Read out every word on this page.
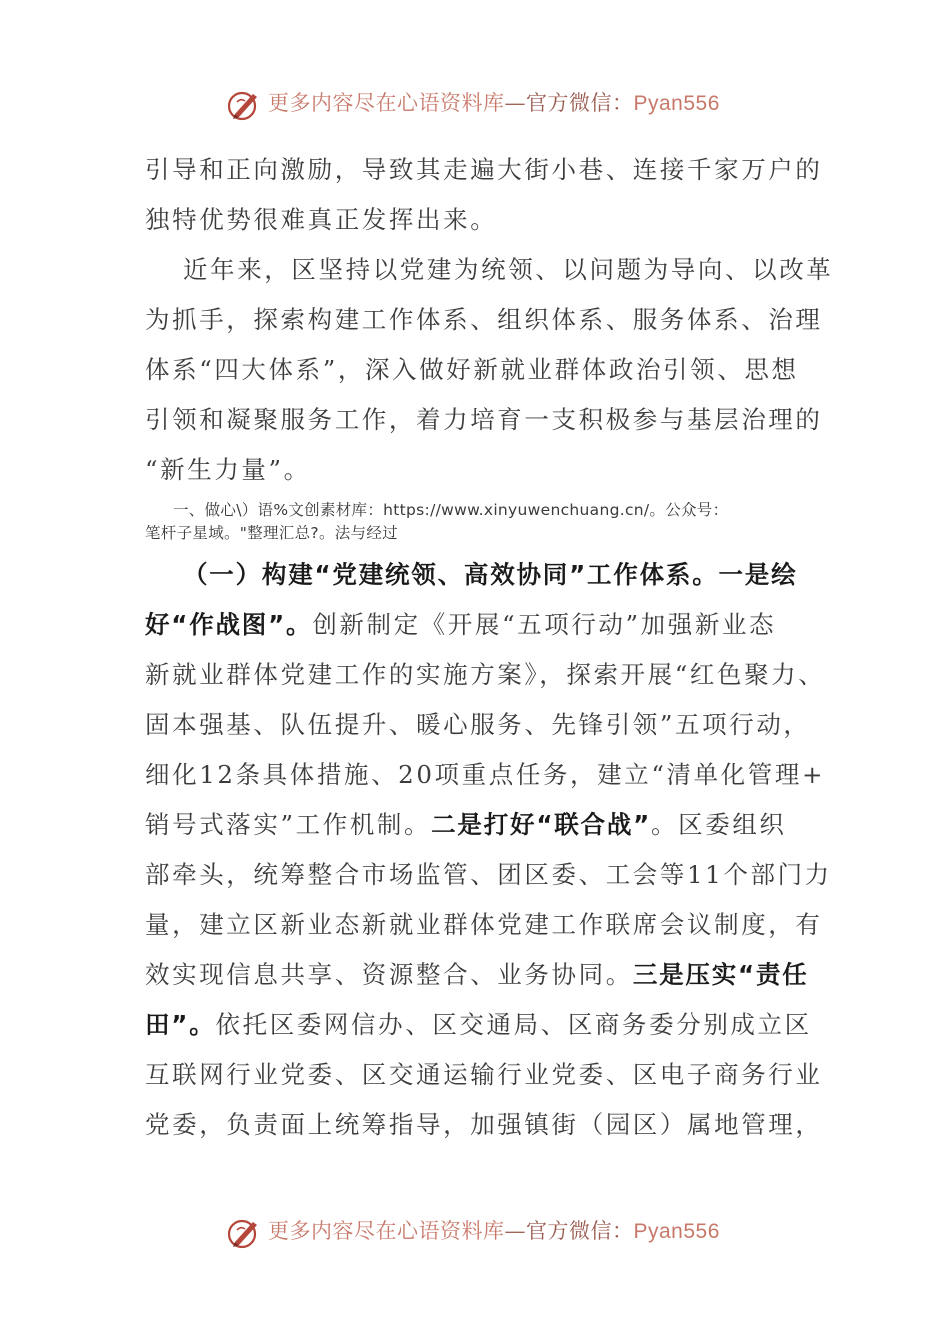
更多内容尽在心语资料库—官方微信：Pyan556
引导和正向激励，导致其走遍大街小巷、连接千家万户的
独特优势很难真正发挥出来。
近年来，区坚持以党建为统领、以问题为导向、以改革
为抓手，探索构建工作体系、组织体系、服务体系、治理
体系“四大体系”，深入做好新就业群体政治引领、思想
引领和凝聚服务工作，着力培育一支积极参与基层治理的
“新生力量”。
一、做心\）语%文创素材库：https://www.xinyuwenchuang.cn/。公众号：
笔杆子星域。"整理汇总?。法与经过
（一）构建“党建统领、高效协同”工作体系。一是绘
好“作战图”。创新制定《开展“五项行动”加强新业态
新就业群体党建工作的实施方案》，探索开展“红色聚力、
固本强基、队伍提升、暖心服务、先锋引领”五项行动，
细化12条具体措施、20项重点任务，建立“清单化管理+
销号式落实”工作机制。二是打好“联合战”。区委组织
部牵头，统筹整合市场监管、团区委、工会等11个部门力
量，建立区新业态新就业群体党建工作联席会议制度，有
效实现信息共享、资源整合、业务协同。三是压实“责任
田”。依托区委网信办、区交通局、区商务委分别成立区
互联网行业党委、区交通运输行业党委、区电子商务行业
党委，负责面上统筹指导，加强镇街（园区）属地管理，
更多内容尽在心语资料库—官方微信：Pyan556
